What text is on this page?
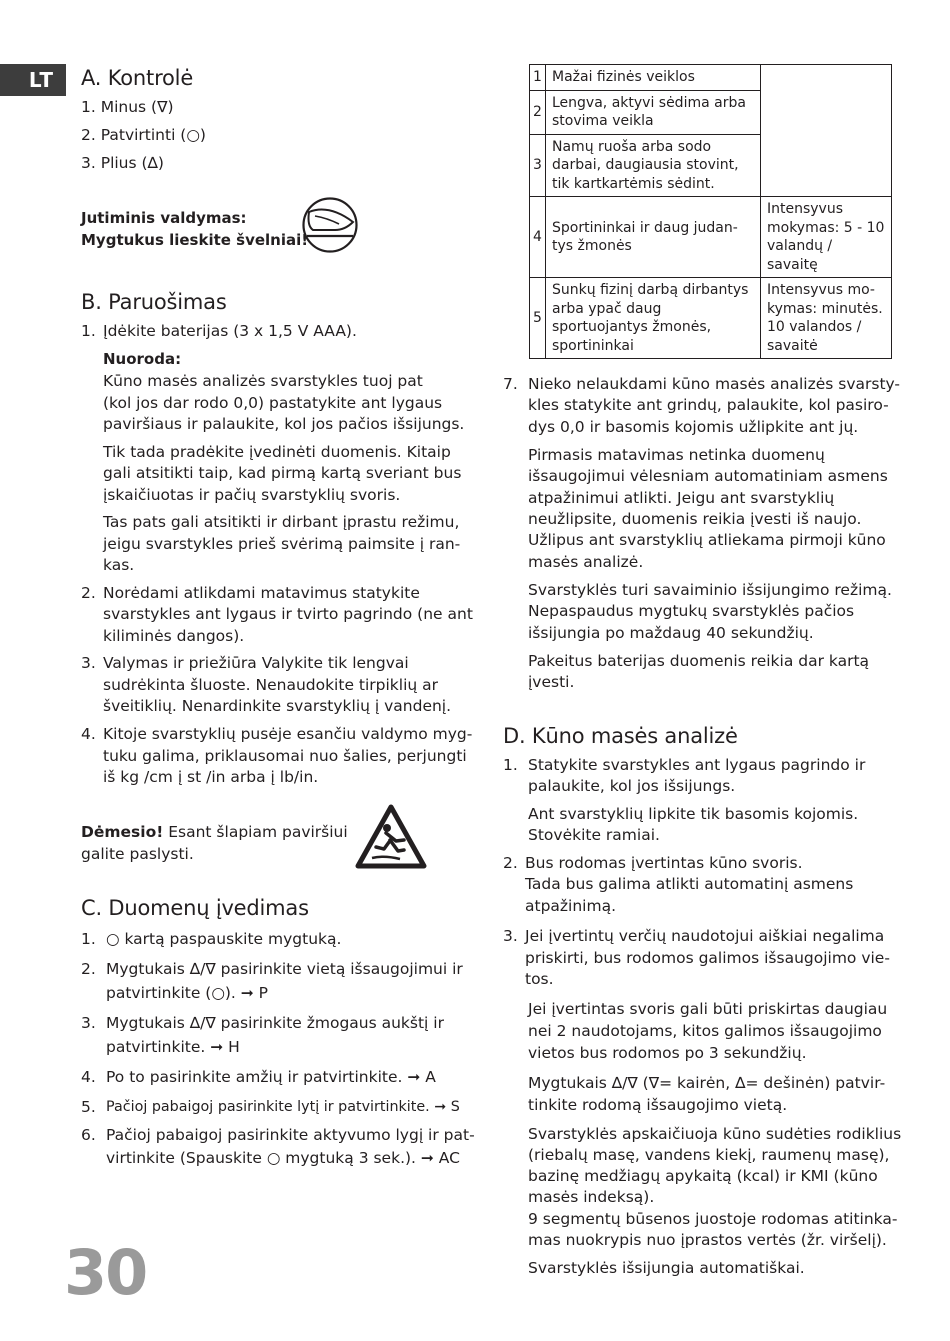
LT	A. Kontrolė
1. Minus (∇)
2. Patvirtinti (○)
3. Plius (∆)
Jutiminis valdymas:
Mygtukus lieskite švelniai!
B. Paruošimas
1. Įdėkite baterijas (3 x 1,5 V AAA).
Nuoroda:
Kūno masės analizės svarstykles tuoj pat
(kol jos dar rodo 0,0) pastatykite ant lygaus
paviršiaus ir palaukite, kol jos pačios išsijungs.
Tik tada pradėkite įvedinėti duomenis. Kitaip
gali atsitikti taip, kad pirmą kartą sveriant bus
įskaičiuotas ir pačių svarstyklių svoris.
Tas pats gali atsitikti ir dirbant įprastu režimu,
jeigu svarstykles prieš svėrimą paimsite į ran-
kas.
2. Norėdami atlikdami matavimus statykite
svarstykles ant lygaus ir tvirto pagrindo (ne ant
kiliminės dangos).
3. Valymas ir priežiūra Valykite tik lengvai
sudrėkinta šluoste. Nenaudokite tirpiklių ar
šveitiklių. Nenardinkite svarstyklių į vandenį.
4. Kitoje svarstyklių pusėje esančiu valdymo myg-
tuku galima, priklausomai nuo šalies, perjungti
iš kg /cm į st /in arba į lb/in.
Dėmesio! Esant šlapiam paviršiui
galite paslysti.
C. Duomenų įvedimas
1. ○ kartą paspauskite mygtuką.
2. Mygtukais ∆/∇ pasirinkite vietą išsaugojimui ir
patvirtinkite (○). ➞ P
3. Mygtukais ∆/∇ pasirinkite žmogaus aukštį ir
patvirtinkite. ➞ H
4. Po to pasirinkite amžių ir patvirtinkite. ➞ A
5. Pačioj pabaigoj pasirinkite lytį ir patvirtinkite. ➞ S
6. Pačioj pabaigoj pasirinkite aktyvumo lygį ir pat-
virtinkite (Spauskite ○ mygtuką 3 sek.). ➞ AC
30
1	Mažai fizinės veiklos	
2	Lengva, aktyvi sėdima arba stovima veikla	
3	Namų ruoša arba sodo darbai, daugiausia stovint, tik kartkartėmis sėdint.	
4	Sportininkai ir daug judan-tys žmonės	Intensyvus mokymas: 5 - 10 valandų / savaitę
5	Sunkų fizinį darbą dirbantys arba ypač daug sportuojantys žmonės, sportininkai	Intensyvus mo-kymas: minutės. 10 valandos / savaitė
7. Nieko nelaukdami kūno masės analizės svarsty-
kles statykite ant grindų, palaukite, kol pasiro-
dys 0,0 ir basomis kojomis užlipkite ant jų.
Pirmasis matavimas netinka duomenų
išsaugojimui vėlesniam automatiniam asmens
atpažinimui atlikti. Jeigu ant svarstyklių
neužlipsite, duomenis reikia įvesti iš naujo.
Užlipus ant svarstyklių atliekama pirmoji kūno
masės analizė.
Svarstyklės turi savaiminio išsijungimo režimą.
Nepaspaudus mygtukų svarstyklės pačios
išsijungia po maždaug 40 sekundžių.
Pakeitus baterijas duomenis reikia dar kartą
įvesti.
D. Kūno masės analizė
1. Statykite svarstykles ant lygaus pagrindo ir
palaukite, kol jos išsijungs.
Ant svarstyklių lipkite tik basomis kojomis.
Stovėkite ramiai.
2. Bus rodomas įvertintas kūno svoris.
Tada bus galima atlikti automatinį asmens
atpažinimą.
3. Jei įvertintų verčių naudotojui aiškiai negalima
priskirti, bus rodomos galimos išsaugojimo vie-
tos.
Jei įvertintas svoris gali būti priskirtas daugiau
nei 2 naudotojams, kitos galimos išsaugojimo
vietos bus rodomos po 3 sekundžių.
Mygtukais ∆/∇ (∇= kairėn, ∆= dešinėn) patvir-
tinkite rodomą išsaugojimo vietą.
Svarstyklės apskaičiuoja kūno sudėties rodiklius
(riebalų masę, vandens kiekį, raumenų masę),
bazinę medžiagų apykaitą (kcal) ir KMI (kūno
masės indeksą).
9 segmentų būsenos juostoje rodomas atitinka-
mas nuokrypis nuo įprastos vertės (žr. viršelį).
Svarstyklės išsijungia automatiškai.
